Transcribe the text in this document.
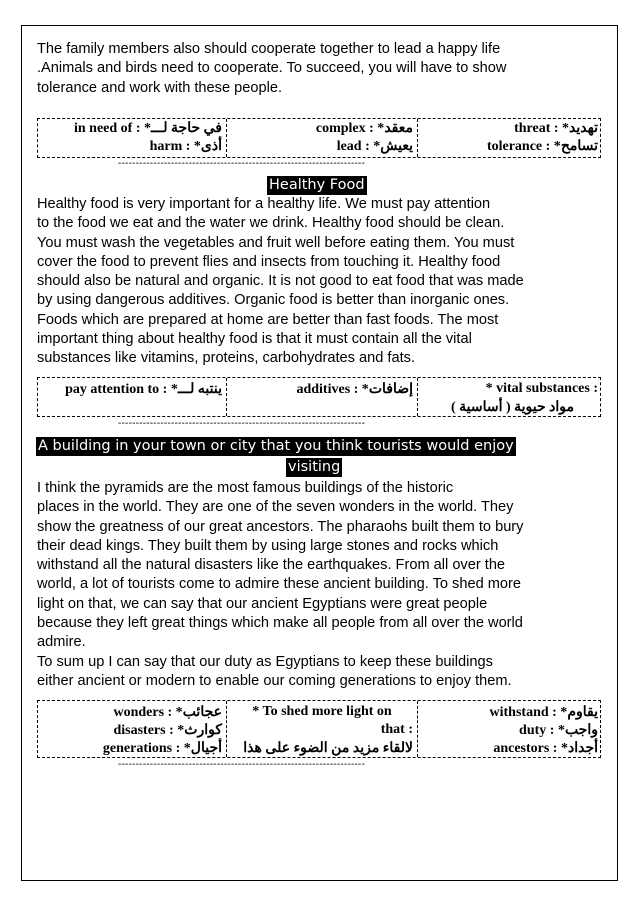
The family members also should cooperate together to lead a happy life
.Animals and birds need to cooperate. To succeed, you will have to show
tolerance and work with these people.
in need of : *في حاجة لـــ
harm : *أذى
complex : *معقد
lead : *يعيش
threat : *تهديد
tolerance : *تسامح
----------------------------------------------------------------------
Healthy Food
Healthy food is very important for a healthy life. We must pay attention
to the food we eat and the water we drink. Healthy food should be clean.
You must wash the vegetables and fruit well before eating them. You must
cover the food to prevent flies and insects from touching it. Healthy food
should also be natural and organic. It is not good to eat food that was made
by using dangerous additives. Organic food is better than inorganic ones.
Foods which are prepared at home are better than fast foods. The most
important thing about healthy food is that it must contain all the vital
substances like vitamins, proteins, carbohydrates and fats.
pay attention to : *ينتبه لـــ	additives : *إضافات	* vital substances :
مواد حيوية ( أساسية )
----------------------------------------------------------------------
A building in your town or city that you think tourists would enjoy
visiting
I think the pyramids are the most famous buildings of the historic
places in the world. They are one of the seven wonders in the world. They
show the greatness of our great ancestors. The pharaohs built them to bury
their dead kings. They built them by using large stones and rocks which
withstand all the natural disasters like the earthquakes. From all over the
world, a lot of tourists come to admire these ancient building. To shed more
light on that, we can say that our ancient Egyptians were great people
because they left great things which make all people from all over the world
admire.
To sum up I can say that our duty as Egyptians to keep these buildings
either ancient or modern to enable our coming generations to enjoy them.
wonders : *عجائب
disasters : *كوارث
generations : *أجيال
* To shed more light on
that :
لالقاء مزيد من الضوء على هذا
withstand : *يقاوم
duty : *واجب
ancestors : *أجداد
----------------------------------------------------------------------
